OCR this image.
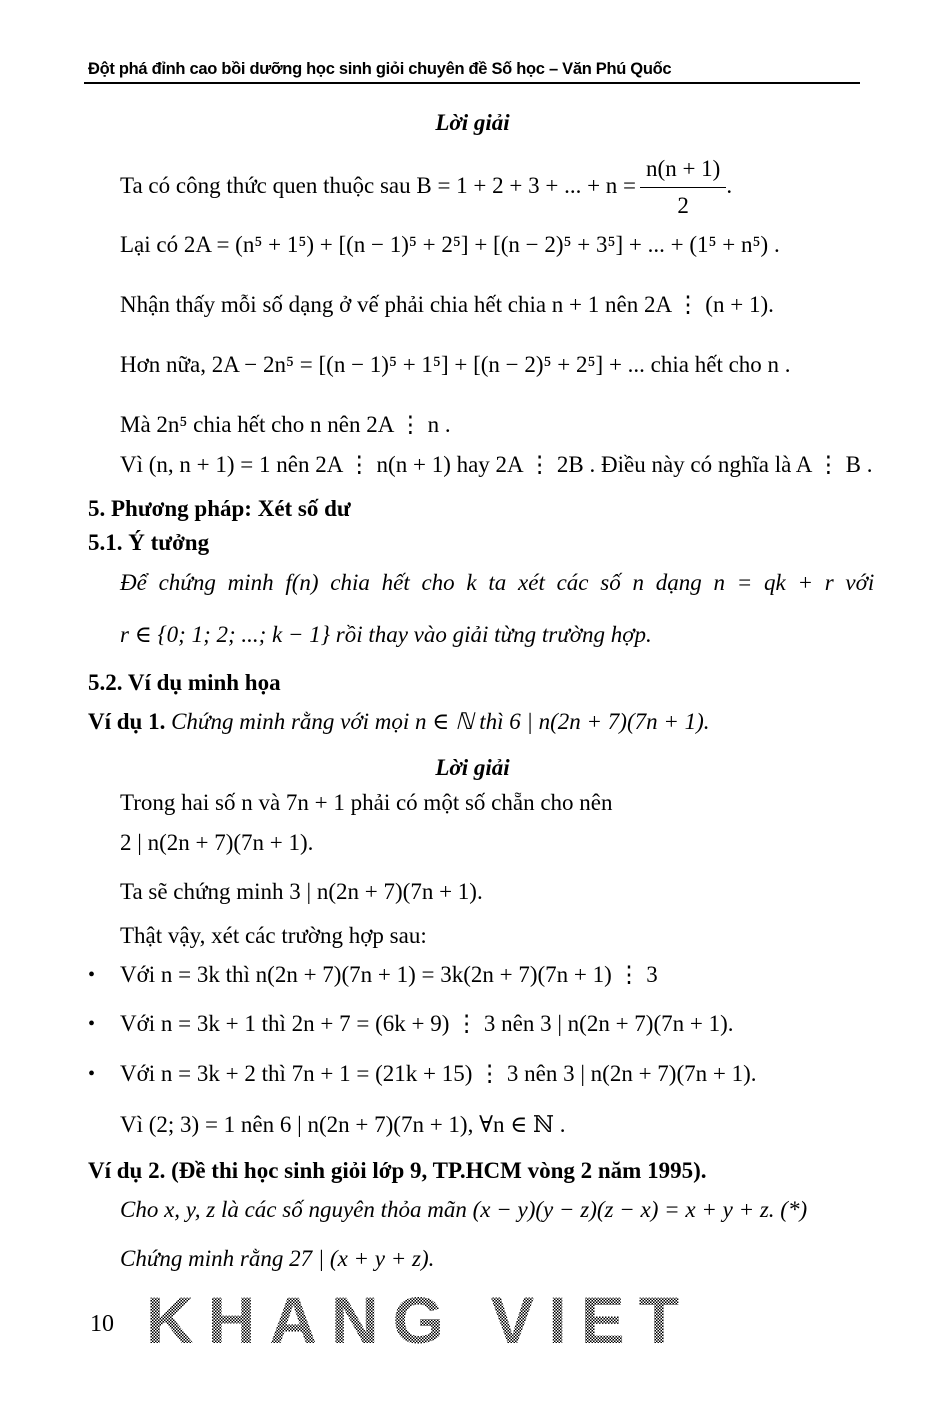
Đột phá đỉnh cao bồi dưỡng học sinh giỏi chuyên đề Số học – Văn Phú Quốc
Lời giải
Ta có công thức quen thuộc sau B = 1 + 2 + 3 + ... + $n = \frac{n(n + 1)}{2}$ .
Lại có 2A = (n⁵ + 1⁵) + [(n − 1)⁵ + 2⁵] + [(n − 2)⁵ + 3⁵] + ... + (1⁵ + n⁵) .
Nhận thấy mỗi số dạng ở vế phải chia hết chia n + 1 nên 2A ⋮ (n + 1).
Hơn nữa, 2A − 2n⁵ = [(n − 1)⁵ + 1⁵] + [(n − 2)⁵ + 2⁵] + ... chia hết cho n .
Mà 2n⁵ chia hết cho n nên 2A ⋮ n .
Vì (n, n + 1) = 1 nên 2A ⋮ n(n + 1) hay 2A ⋮ 2B . Điều này có nghĩa là A ⋮ B .
5. Phương pháp: Xét số dư
5.1. Ý tưởng
Để chứng minh f(n) chia hết cho k ta xét các số n dạng n = qk + r với
r ∈ {0; 1; 2; ...; k − 1} rồi thay vào giải từng trường hợp.
5.2. Ví dụ minh họa
Ví dụ 1. Chứng minh rằng với mọi n ∈ ℕ thì 6 | n(2n + 7)(7n + 1).
Lời giải
Trong hai số n và 7n + 1 phải có một số chẵn cho nên
2 | n(2n + 7)(7n + 1).
Ta sẽ chứng minh 3 | n(2n + 7)(7n + 1).
Thật vậy, xét các trường hợp sau:
• Với n = 3k thì n(2n + 7)(7n + 1) = 3k(2n + 7)(7n + 1) ⋮ 3
• Với n = 3k + 1 thì 2n + 7 = (6k + 9) ⋮ 3 nên 3 | n(2n + 7)(7n + 1).
• Với n = 3k + 2 thì 7n + 1 = (21k + 15) ⋮ 3 nên 3 | n(2n + 7)(7n + 1).
Vì (2; 3) = 1 nên 6 | n(2n + 7)(7n + 1), ∀n ∈ ℕ .
Ví dụ 2. (Đề thi học sinh giỏi lớp 9, TP.HCM vòng 2 năm 1995).
Cho x, y, z là các số nguyên thỏa mãn (x − y)(y − z)(z − x) = x + y + z. (*)
Chứng minh rằng 27 | (x + y + z).
10 KHANG VIET
